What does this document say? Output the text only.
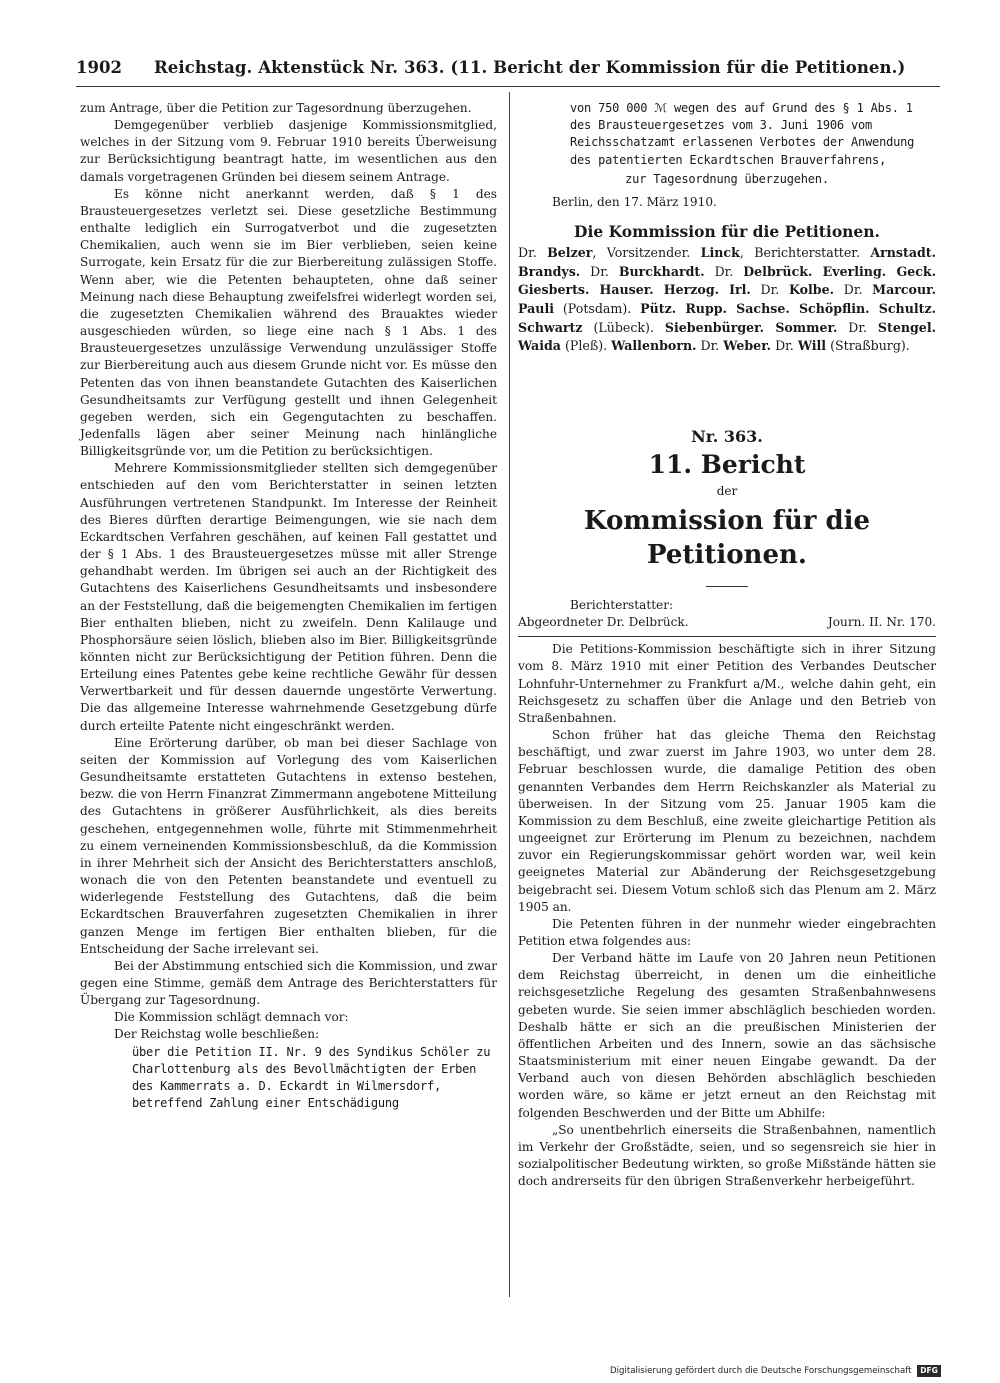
1902 Reichstag. Aktenstück Nr. 363. (11. Bericht der Kommission für die Petitionen.)

zum Antrage, über die Petition zur Tagesordnung überzugehen.

Demgegenüber verblieb dasjenige Kommissionsmitglied, welches in der Sitzung vom 9. Februar 1910 bereits Überweisung zur Berücksichtigung beantragt hatte, im wesentlichen aus den damals vorgetragenen Gründen bei diesem seinem Antrage.

Es könne nicht anerkannt werden, daß § 1 des Brausteuergesetzes verletzt sei. Diese gesetzliche Bestimmung enthalte lediglich ein Surrogatverbot und die zugesetzten Chemikalien, auch wenn sie im Bier verblieben, seien keine Surrogate, kein Ersatz für die zur Bierbereitung zulässigen Stoffe. Wenn aber, wie die Petenten behaupteten, ohne daß seiner Meinung nach diese Behauptung zweifelsfrei widerlegt worden sei, die zugesetzten Chemikalien während des Brauaktes wieder ausgeschieden würden, so liege eine nach § 1 Abs. 1 des Brausteuergesetzes unzulässige Verwendung unzulässiger Stoffe zur Bierbereitung auch aus diesem Grunde nicht vor. Es müsse den Petenten das von ihnen beanstandete Gutachten des Kaiserlichen Gesundheitsamts zur Verfügung gestellt und ihnen Gelegenheit gegeben werden, sich ein Gegengutachten zu beschaffen. Jedenfalls lägen aber seiner Meinung nach hinlängliche Billigkeitsgründe vor, um die Petition zu berücksichtigen.

Mehrere Kommissionsmitglieder stellten sich demgegenüber entschieden auf den vom Berichterstatter in seinen letzten Ausführungen vertretenen Standpunkt. Im Interesse der Reinheit des Bieres dürften derartige Beimengungen, wie sie nach dem Eckardtschen Verfahren geschähen, auf keinen Fall gestattet und der § 1 Abs. 1 des Brausteuergesetzes müsse mit aller Strenge gehandhabt werden. Im übrigen sei auch an der Richtigkeit des Gutachtens des Kaiserlichens Gesundheitsamts und insbesondere an der Feststellung, daß die beigemengten Chemikalien im fertigen Bier enthalten blieben, nicht zu zweifeln. Denn Kalilauge und Phosphorsäure seien löslich, blieben also im Bier. Billigkeitsgründe könnten nicht zur Berücksichtigung der Petition führen. Denn die Erteilung eines Patentes gebe keine rechtliche Gewähr für dessen Verwertbarkeit und für dessen dauernde ungestörte Verwertung. Die das allgemeine Interesse wahrnehmende Gesetzgebung dürfe durch erteilte Patente nicht eingeschränkt werden.

Eine Erörterung darüber, ob man bei dieser Sachlage von seiten der Kommission auf Vorlegung des vom Kaiserlichen Gesundheitsamte erstatteten Gutachtens in extenso bestehen, bezw. die von Herrn Finanzrat Zimmermann angebotene Mitteilung des Gutachtens in größerer Ausführlichkeit, als dies bereits geschehen, entgegennehmen wolle, führte mit Stimmenmehrheit zu einem verneinenden Kommissionsbeschluß, da die Kommission in ihrer Mehrheit sich der Ansicht des Berichterstatters anschloß, wonach die von den Petenten beanstandete und eventuell zu widerlegende Feststellung des Gutachtens, daß die beim Eckardtschen Brauverfahren zugesetzten Chemikalien in ihrer ganzen Menge im fertigen Bier enthalten blieben, für die Entscheidung der Sache irrelevant sei.

Bei der Abstimmung entschied sich die Kommission, und zwar gegen eine Stimme, gemäß dem Antrage des Berichterstatters für Übergang zur Tagesordnung.

Die Kommission schlägt demnach vor:

Der Reichstag wolle beschließen:

über die Petition II. Nr. 9 des Syndikus Schöler zu Charlottenburg als des Bevollmächtigten der Erben des Kammerrats a. D. Eckardt in Wilmersdorf, betreffend Zahlung einer Entschädigung

von 750 000 ℳ wegen des auf Grund des § 1 Abs. 1 des Brausteuergesetzes vom 3. Juni 1906 vom Reichsschatzamt erlassenen Verbotes der Anwendung des patentierten Eckardtschen Brauverfahrens,

zur Tagesordnung überzugehen.

Berlin, den 17. März 1910.

Die Kommission für die Petitionen.

Dr. Belzer, Vorsitzender. Linck, Berichterstatter. Arnstadt. Brandys. Dr. Burckhardt. Dr. Delbrück. Everling. Geck. Giesberts. Hauser. Herzog. Irl. Dr. Kolbe. Dr. Marcour. Pauli (Potsdam). Pütz. Rupp. Sachse. Schöpflin. Schultz. Schwartz (Lübeck). Siebenbürger. Sommer. Dr. Stengel. Waida (Pleß). Wallenborn. Dr. Weber. Dr. Will (Straßburg).

Nr. 363.

11. Bericht

der

Kommission für die Petitionen.

Berichterstatter:

Abgeordneter Dr. Delbrück.	Journ. II. Nr. 170.

Die Petitions-Kommission beschäftigte sich in ihrer Sitzung vom 8. März 1910 mit einer Petition des Verbandes Deutscher Lohnfuhr-Unternehmer zu Frankfurt a/M., welche dahin geht, ein Reichsgesetz zu schaffen über die Anlage und den Betrieb von Straßenbahnen.

Schon früher hat das gleiche Thema den Reichstag beschäftigt, und zwar zuerst im Jahre 1903, wo unter dem 28. Februar beschlossen wurde, die damalige Petition des oben genannten Verbandes dem Herrn Reichskanzler als Material zu überweisen. In der Sitzung vom 25. Januar 1905 kam die Kommission zu dem Beschluß, eine zweite gleichartige Petition als ungeeignet zur Erörterung im Plenum zu bezeichnen, nachdem zuvor ein Regierungskommissar gehört worden war, weil kein geeignetes Material zur Abänderung der Reichsgesetzgebung beigebracht sei. Diesem Votum schloß sich das Plenum am 2. März 1905 an.

Die Petenten führen in der nunmehr wieder eingebrachten Petition etwa folgendes aus:

Der Verband hätte im Laufe von 20 Jahren neun Petitionen dem Reichstag überreicht, in denen um die einheitliche reichsgesetzliche Regelung des gesamten Straßenbahnwesens gebeten wurde. Sie seien immer abschläglich beschieden worden. Deshalb hätte er sich an die preußischen Ministerien der öffentlichen Arbeiten und des Innern, sowie an das sächsische Staatsministerium mit einer neuen Eingabe gewandt. Da der Verband auch von diesen Behörden abschläglich beschieden worden wäre, so käme er jetzt erneut an den Reichstag mit folgenden Beschwerden und der Bitte um Abhilfe:

„So unentbehrlich einerseits die Straßenbahnen, namentlich im Verkehr der Großstädte, seien, und so segensreich sie hier in sozialpolitischer Bedeutung wirkten, so große Mißstände hätten sie doch andrerseits für den übrigen Straßenverkehr herbeigeführt.

Digitalisierung gefördert durch die Deutsche Forschungsgemeinschaft	DFG
